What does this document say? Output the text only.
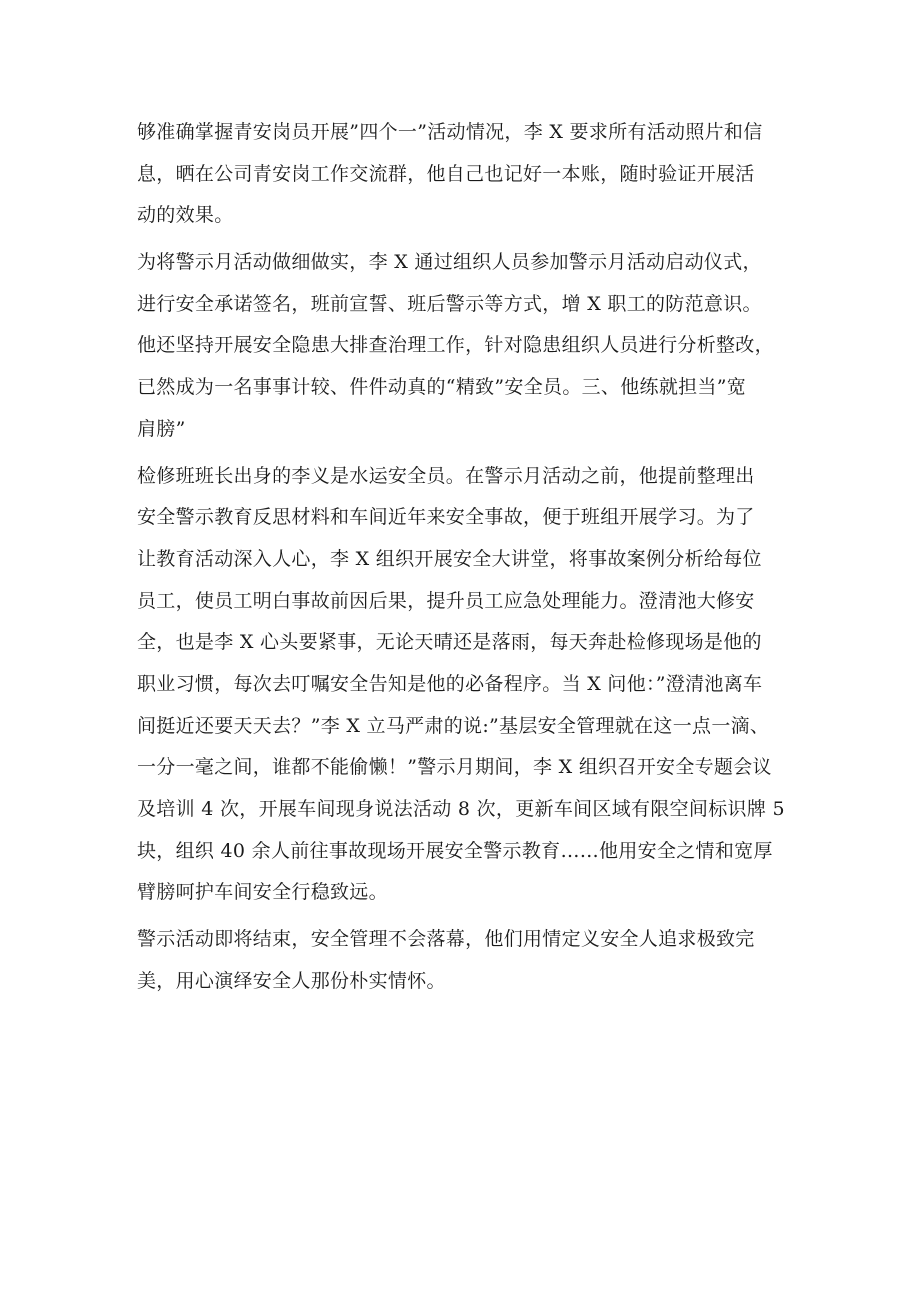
够准确掌握青安岗员开展”四个一”活动情况，李 X 要求所有活动照片和信
息，晒在公司青安岗工作交流群，他自己也记好一本账，随时验证开展活
动的效果。
为将警示月活动做细做实，李 X 通过组织人员参加警示月活动启动仪式，
进行安全承诺签名，班前宣誓、班后警示等方式，增 X 职工的防范意识。
他还坚持开展安全隐患大排查治理工作，针对隐患组织人员进行分析整改，
已然成为一名事事计较、件件动真的“精致”安全员。三、他练就担当”宽
肩膀”
检修班班长出身的李义是水运安全员。在警示月活动之前，他提前整理出
安全警示教育反思材料和车间近年来安全事故，便于班组开展学习。为了
让教育活动深入人心，李 X 组织开展安全大讲堂，将事故案例分析给每位
员工，使员工明白事故前因后果，提升员工应急处理能力。澄清池大修安
全，也是李 X 心头要紧事，无论天晴还是落雨，每天奔赴检修现场是他的
职业习惯，每次去叮嘱安全告知是他的必备程序。当 X 问他：”澄清池离车
间挺近还要天天去？”李 X 立马严肃的说:”基层安全管理就在这一点一滴、
一分一毫之间，谁都不能偷懒！”警示月期间，李 X 组织召开安全专题会议
及培训 4 次，开展车间现身说法活动 8 次，更新车间区域有限空间标识牌 5
块，组织 40 余人前往事故现场开展安全警示教育……他用安全之情和宽厚
臂膀呵护车间安全行稳致远。
警示活动即将结束，安全管理不会落幕，他们用情定义安全人追求极致完
美，用心演绎安全人那份朴实情怀。
